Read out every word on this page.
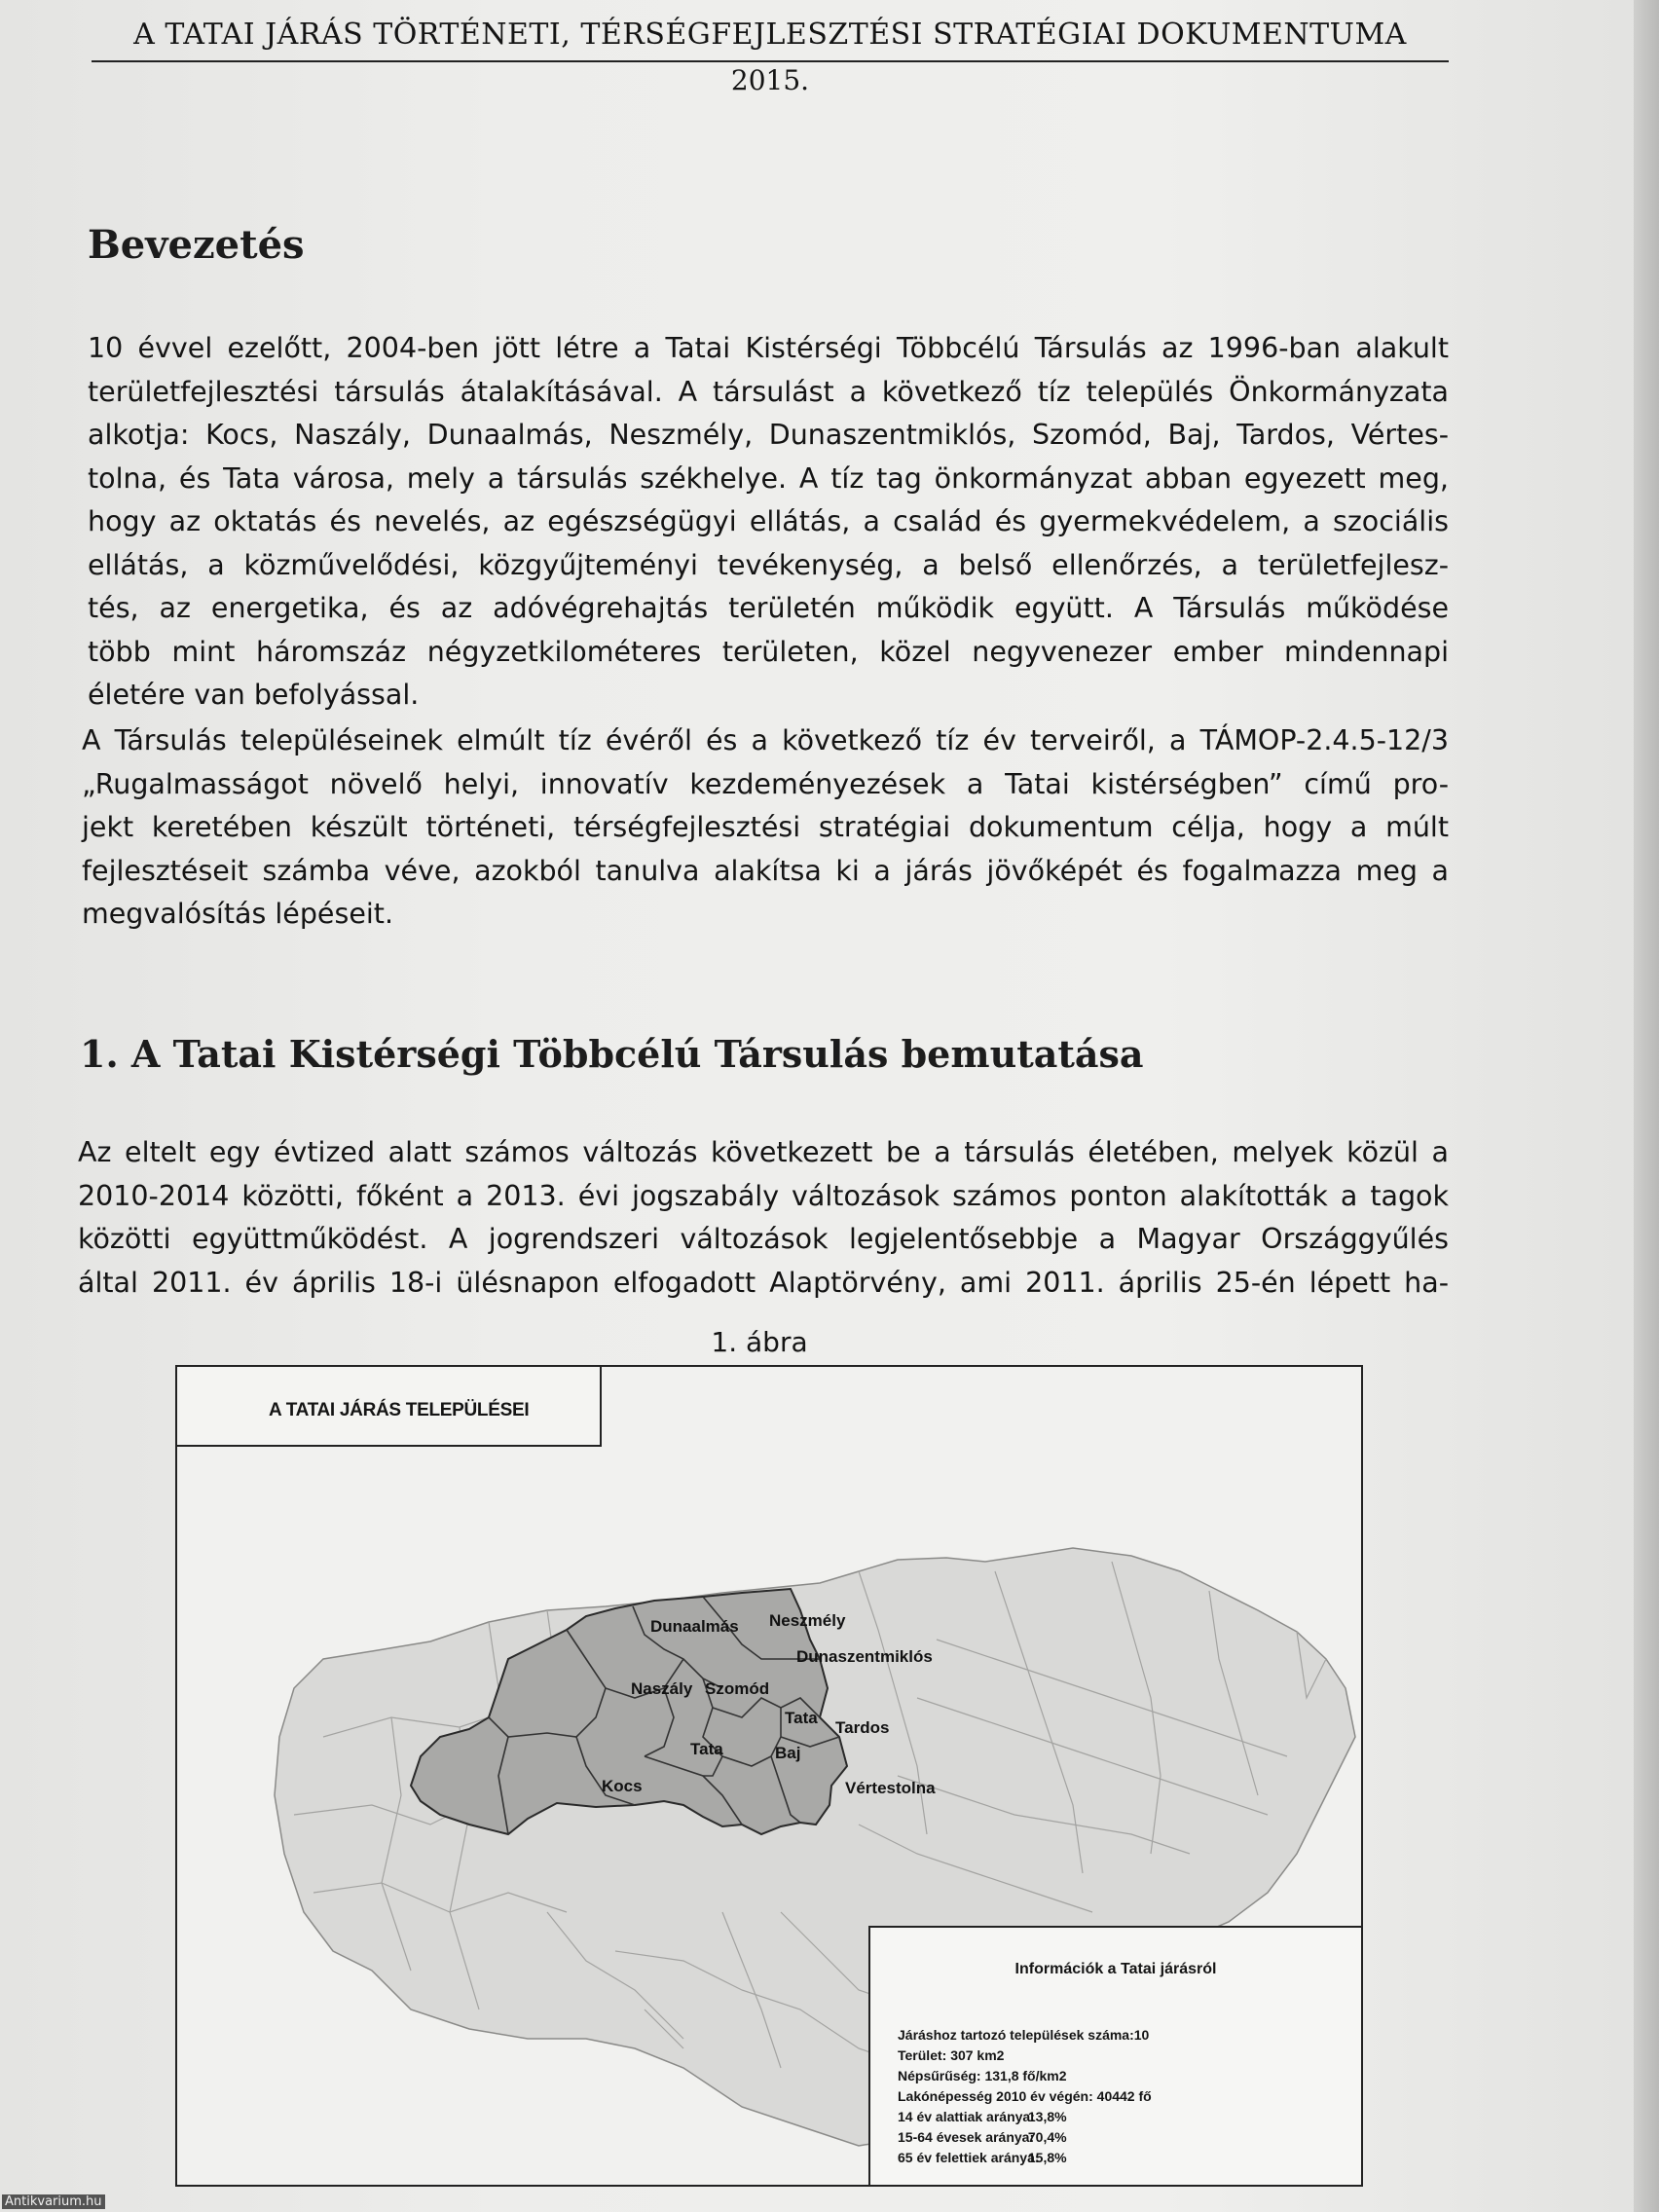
A TATAI JÁRÁS TÖRTÉNETI, TÉRSÉGFEJLESZTÉSI STRATÉGIAI DOKUMENTUMA
2015.
Bevezetés

10 évvel ezelőtt, 2004-ben jött létre a Tatai Kistérségi Többcélú Társulás az 1996-ban alakult
területfejlesztési társulás átalakításával. A társulást a következő tíz település Önkormányzata
alkotja: Kocs, Naszály, Dunaalmás, Neszmély, Dunaszentmiklós, Szomód, Baj, Tardos, Vértes-
tolna, és Tata városa, mely a társulás székhelye. A tíz tag önkormányzat abban egyezett meg,
hogy az oktatás és nevelés, az egészségügyi ellátás, a család és gyermekvédelem, a szociális
ellátás, a közművelődési, közgyűjteményi tevékenység, a belső ellenőrzés, a területfejlesz-
tés, az energetika, és az adóvégrehajtás területén működik együtt. A Társulás működése
több mint háromszáz négyzetkilométeres területen, közel negyvenezer ember mindennapi
életére van befolyással.

A Társulás településeinek elmúlt tíz évéről és a következő tíz év terveiről, a TÁMOP-2.4.5-12/3
„Rugalmasságot növelő helyi, innovatív kezdeményezések a Tatai kistérségben” című pro-
jekt keretében készült történeti, térségfejlesztési stratégiai dokumentum célja, hogy a múlt
fejlesztéseit számba véve, azokból tanulva alakítsa ki a járás jövőképét és fogalmazza meg a
megvalósítás lépéseit.

1. A Tatai Kistérségi Többcélú Társulás bemutatása

Az eltelt egy évtized alatt számos változás következett be a társulás életében, melyek közül a
2010-2014 közötti, főként a 2013. évi jogszabály változások számos ponton alakították a tagok
közötti együttműködést. A jogrendszeri változások legjelentősebbje a Magyar Országgyűlés
által 2011. év április 18-i ülésnapon elfogadott Alaptörvény, ami 2011. április 25-én lépett ha-

1. ábra
Dunaalmás Neszmély
Dunaszentmiklós
Naszály Szomód
Tata
Tardos
Tata	Baj
Kocs	Vértestolna
A TATAI JÁRÁS TELEPÜLÉSEI
Információk a Tatai járásról
Járáshoz tartozó települések száma:10
Terület: 307 km2
Népsűrűség: 131,8 fő/km2
Lakónépesség 2010 év végén: 40442 fő
14 év alattiak aránya: 13,8%
15-64 évesek aránya: 70,4%
65 év felettiek aránya: 15,8%
Antikvarium.hu
